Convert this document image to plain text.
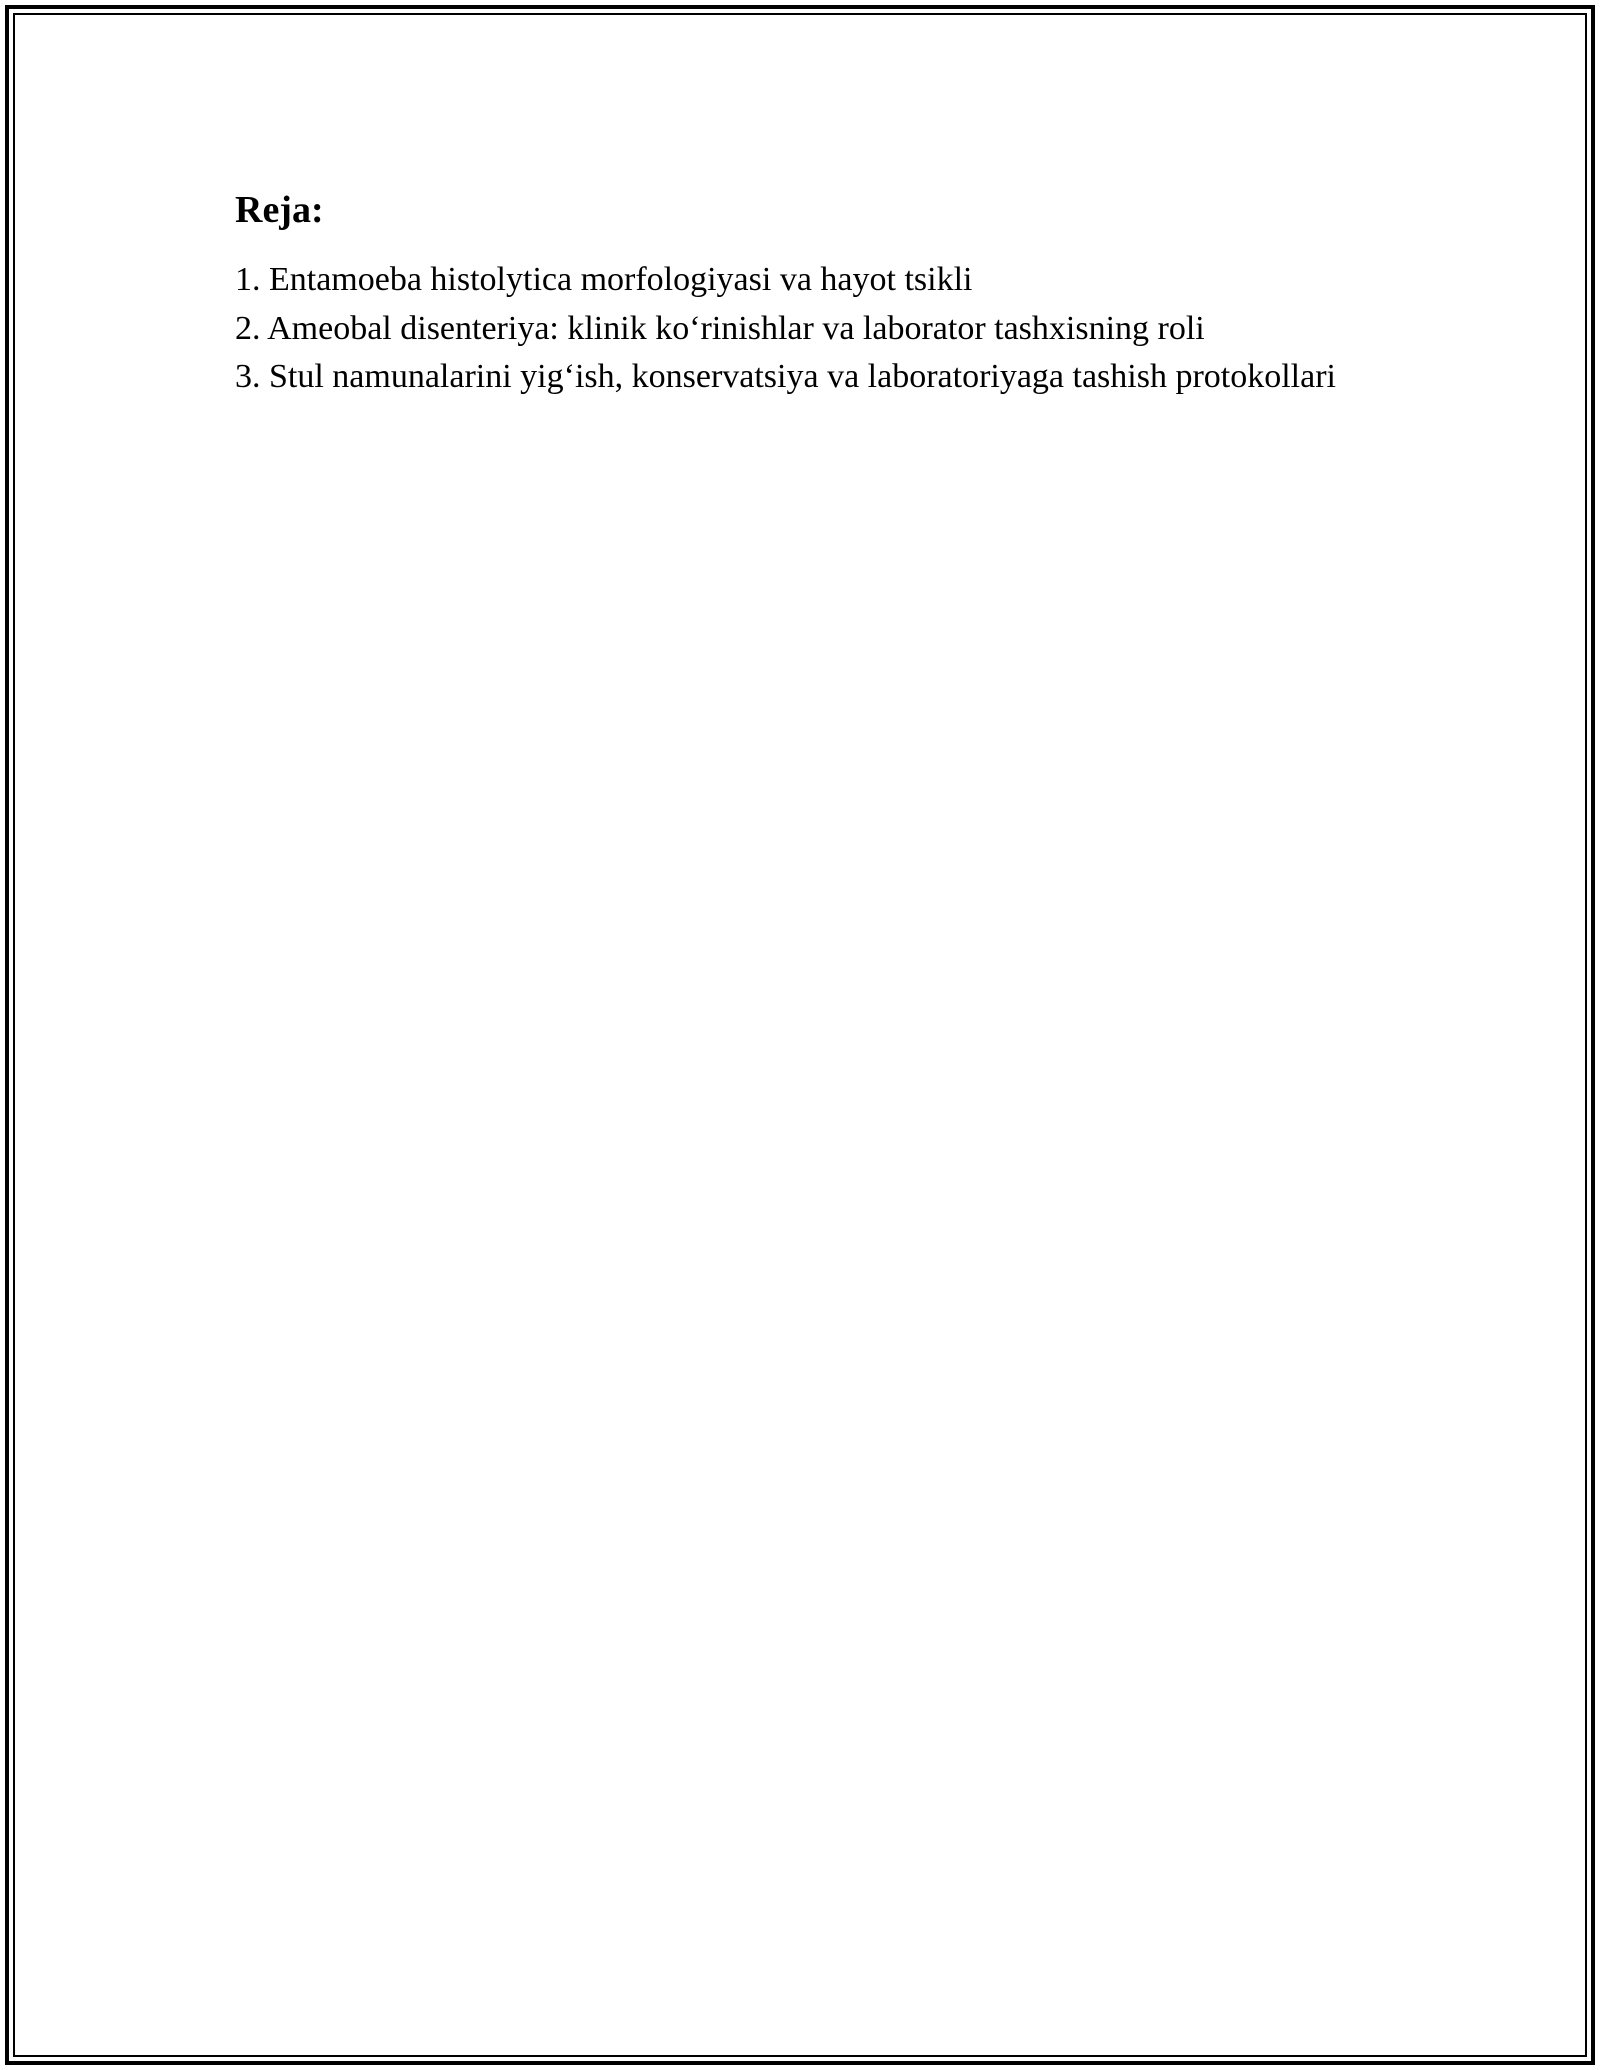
Reja:
1. Entamoeba histolytica morfologiyasi va hayot tsikli
2. Ameobal disenteriya: klinik ko‘rinishlar va laborator tashxisning roli
3. Stul namunalarini yig‘ish, konservatsiya va laboratoriyaga tashish protokollari
